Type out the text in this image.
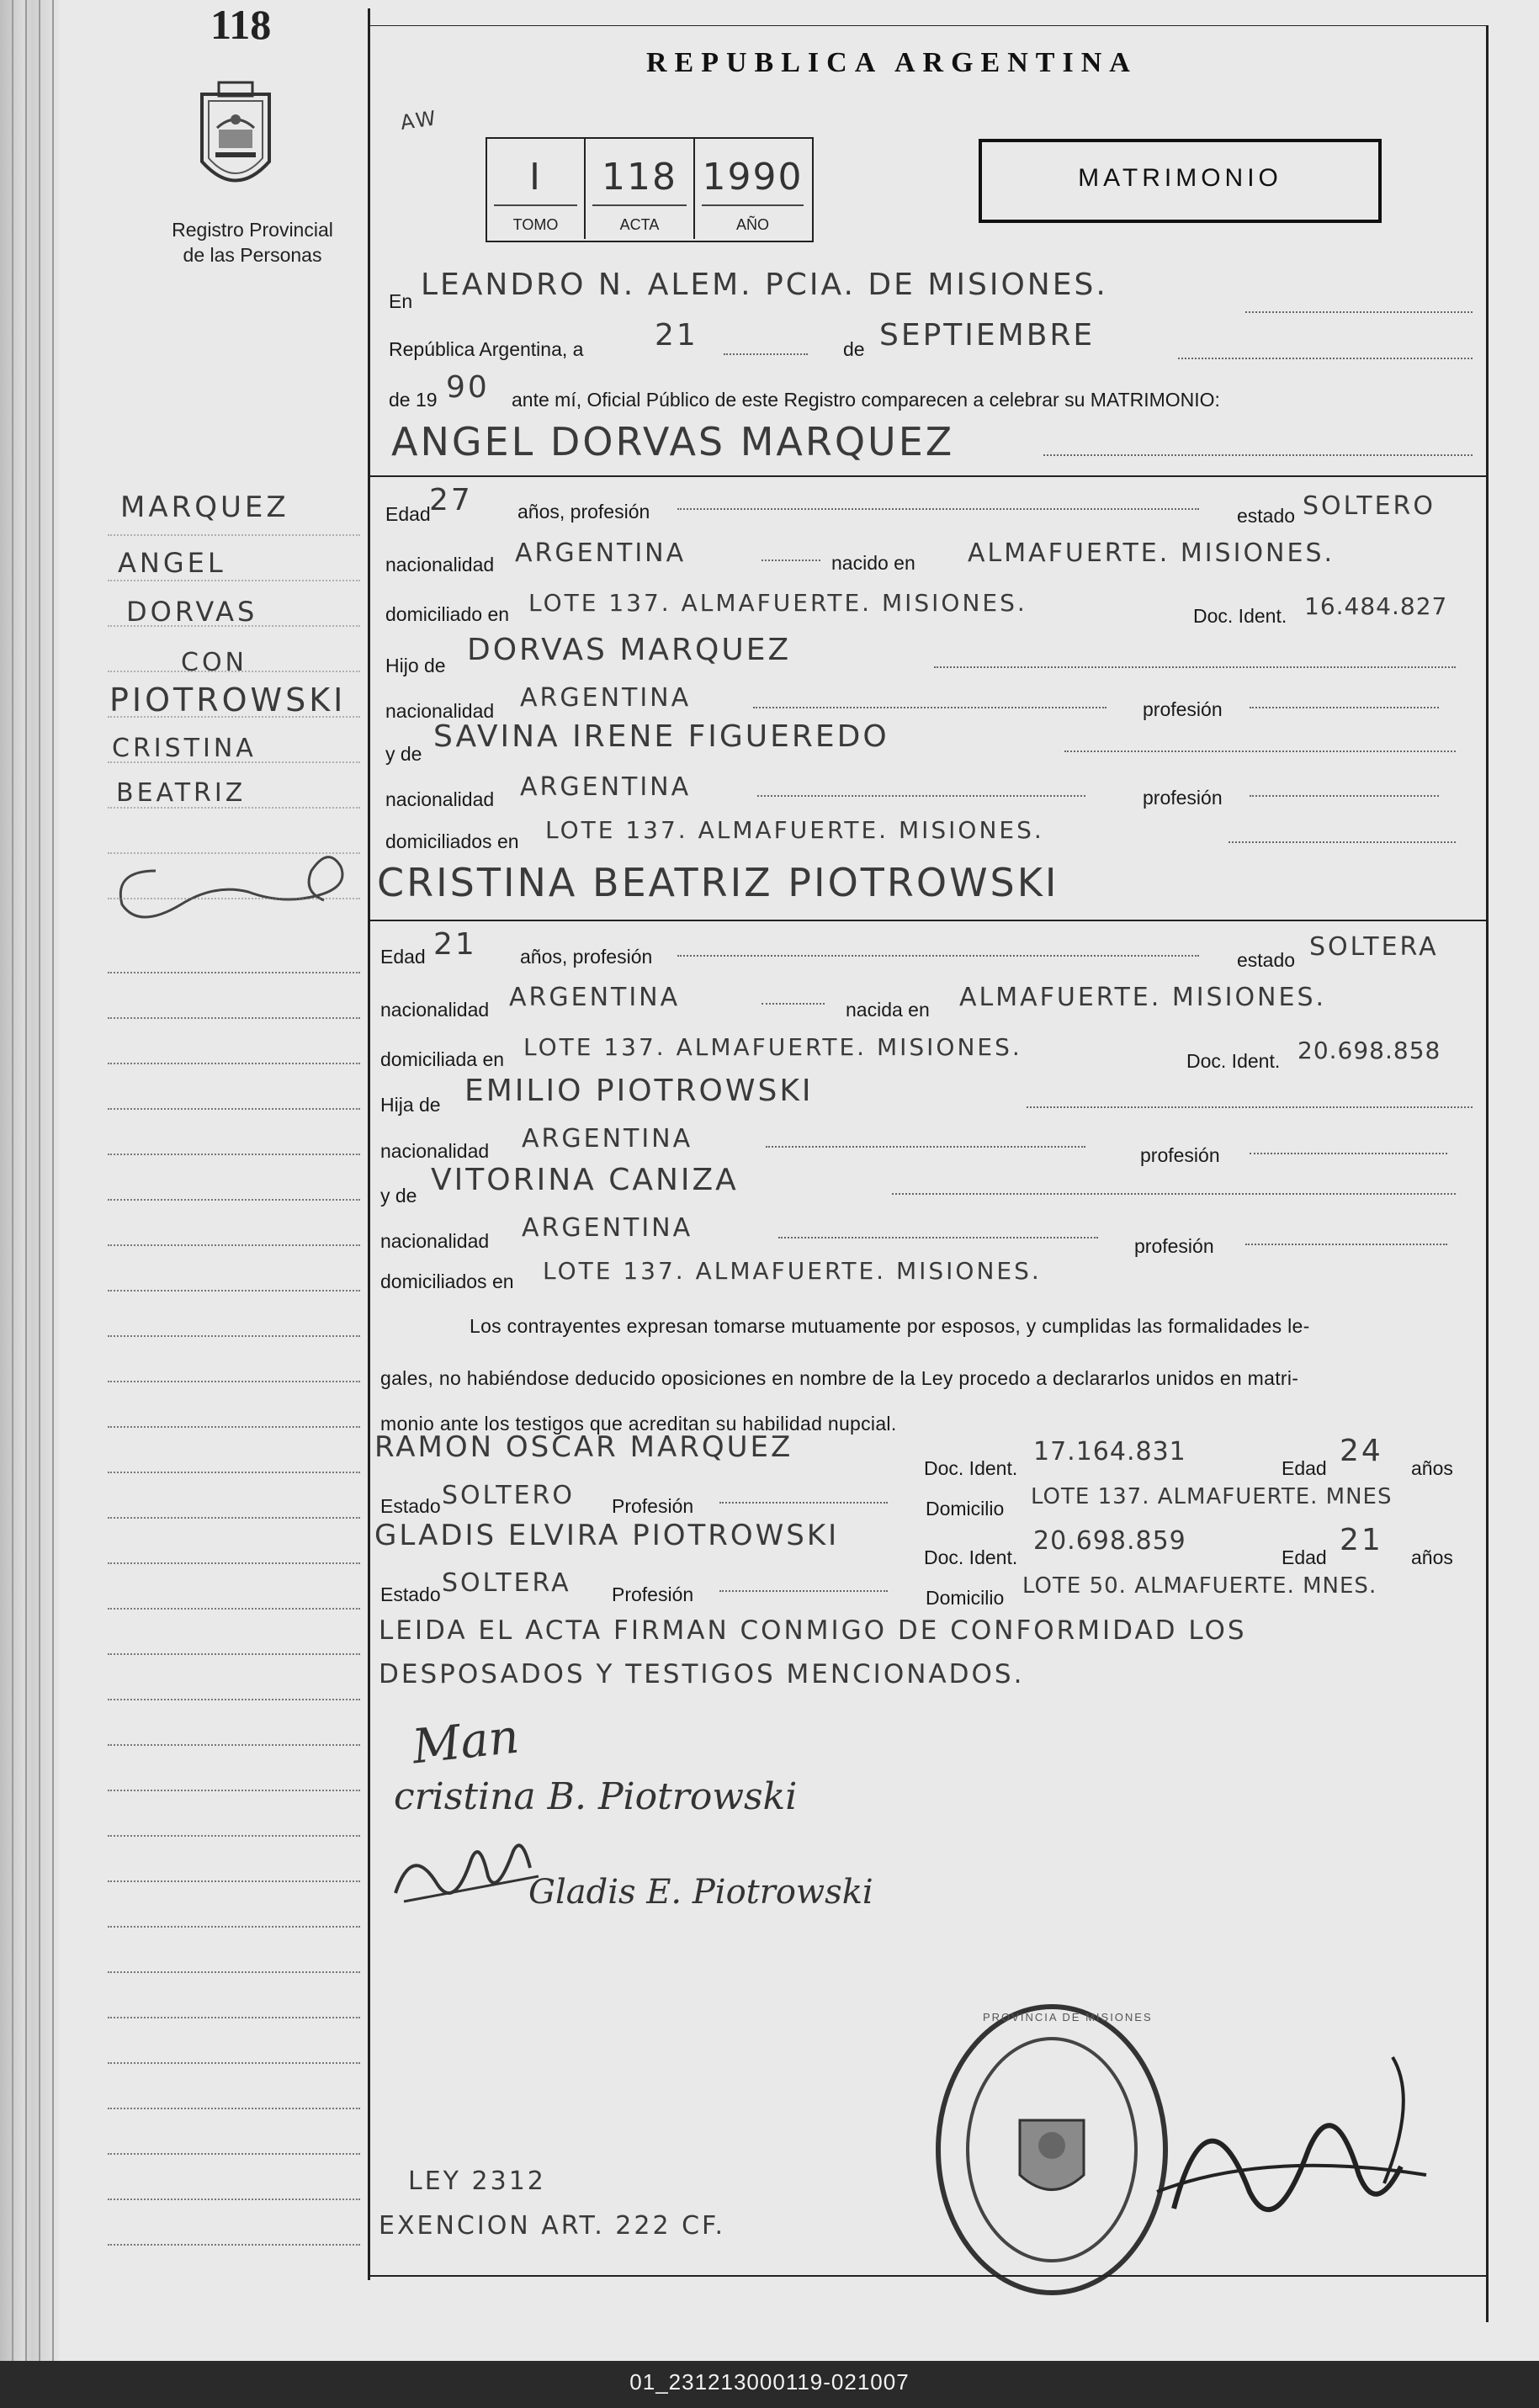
118
Registro Provincial
de las Personas
REPUBLICA ARGENTINA
AW
I
TOMO
118
ACTA
1990
AÑO
MATRIMONIO
En LEANDRO N. ALEM. PCIA. DE MISIONES.
República Argentina, a 21	de SEPTIEMBRE
de 19 90 ante mí, Oficial Público de este Registro comparecen a celebrar su MATRIMONIO:
ANGEL DORVAS MARQUEZ
MARQUEZ
ANGEL
DORVAS
CON
PIOTROWSKI
CRISTINA
BEATRIZ
Edad
27 años, profesión	estado SOLTERO
nacionalidad ARGENTINA	nacido en ALMAFUERTE. MISIONES.
domiciliado en LOTE 137. ALMAFUERTE. MISIONES.	Doc. Ident. 16.484.827
Hijo de DORVAS MARQUEZ
nacionalidad ARGENTINA	profesión
y de SAVINA IRENE FIGUEREDO
nacionalidad ARGENTINA	profesión
domiciliados en LOTE 137. ALMAFUERTE. MISIONES.
CRISTINA BEATRIZ PIOTROWSKI
Edad 21 años, profesión	estado SOLTERA
nacionalidad ARGENTINA	nacida en ALMAFUERTE. MISIONES.
domiciliada en LOTE 137. ALMAFUERTE. MISIONES.	Doc. Ident. 20.698.858
Hija de EMILIO PIOTROWSKI
nacionalidad ARGENTINA
profesión
y de VITORINA CANIZA
nacionalidad ARGENTINA
profesión
domiciliados en LOTE 137. ALMAFUERTE. MISIONES.
Los contrayentes expresan tomarse mutuamente por esposos, y cumplidas las formalidades le-
gales, no habiéndose deducido oposiciones en nombre de la Ley procedo a declararlos unidos en matri-
monio ante los testigos que acreditan su habilidad nupcial.
RAMON OSCAR MARQUEZ
Doc. Ident.
17.164.831
Edad 24 años
Estado SOLTERO Profesión	Domicilio LOTE 137. ALMAFUERTE. MNES
GLADIS ELVIRA PIOTROWSKI
Doc. Ident.
20.698.859
Edad 21 años
Estado SOLTERA Profesión	Domicilio LOTE 50. ALMAFUERTE. MNES.
LEIDA EL ACTA FIRMAN CONMIGO DE CONFORMIDAD LOS
DESPOSADOS Y TESTIGOS MENCIONADOS.
Man
cristina B. Piotrowski
Gladis E. Piotrowski
PROVINCIA DE MISIONES
LEY 2312
EXENCION ART. 222 CF.
01_231213000119-021007
